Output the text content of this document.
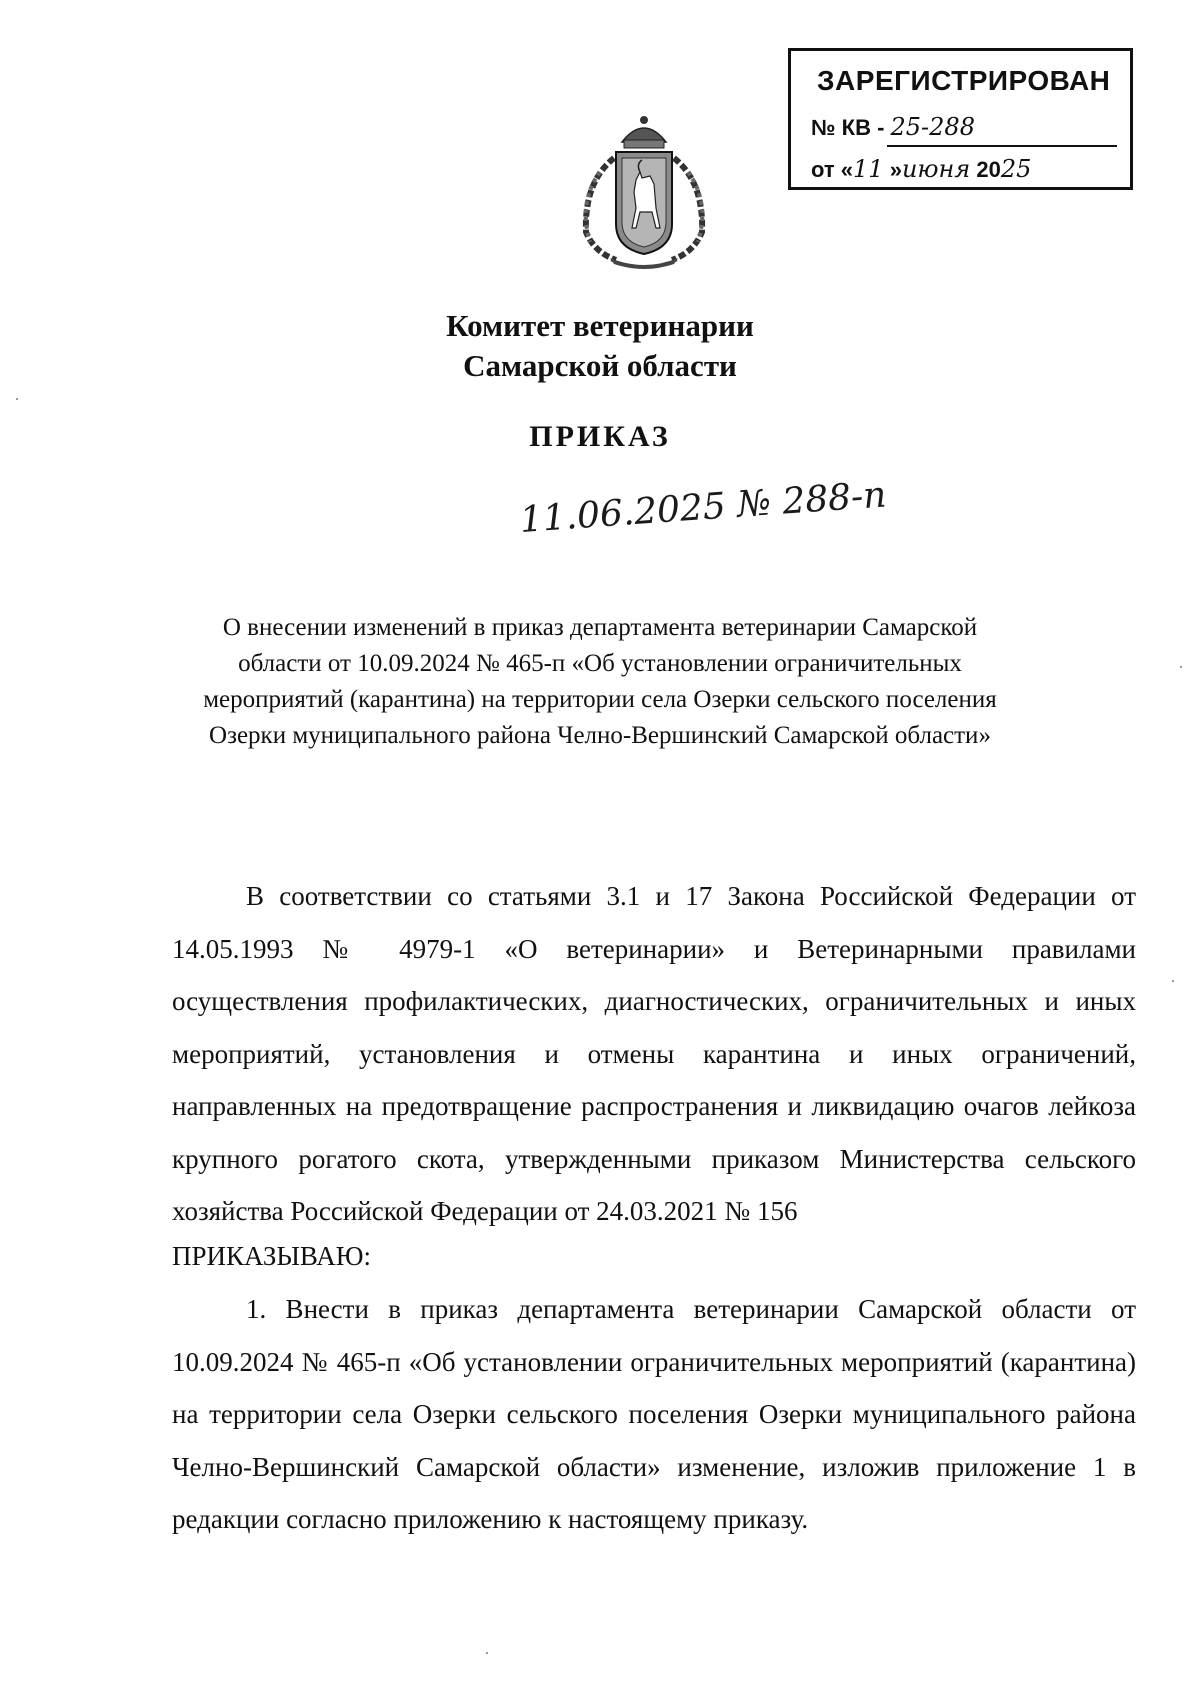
ЗАРЕГИСТРИРОВАН
№ КВ - 25-288
от «11 »июня 2025
Комитет ветеринарии
Самарской области
ПРИКАЗ
11.06.2025 № 288-п
О внесении изменений в приказ департамента ветеринарии Самарской
области от 10.09.2024 № 465-п «Об установлении ограничительных
мероприятий (карантина) на территории села Озерки сельского поселения
Озерки муниципального района Челно-Вершинский Самарской области»
В соответствии со статьями 3.1 и 17 Закона Российской Федерации от 14.05.1993 № 4979-1 «О ветеринарии» и Ветеринарными правилами осуществления профилактических, диагностических, ограничительных и иных мероприятий, установления и отмены карантина и иных ограничений, направленных на предотвращение распространения и ликвидацию очагов лейкоза крупного рогатого скота, утвержденными приказом Министерства сельского хозяйства Российской Федерации от 24.03.2021 № 156
ПРИКАЗЫВАЮ:
1. Внести в приказ департамента ветеринарии Самарской области от 10.09.2024 № 465-п «Об установлении ограничительных мероприятий (карантина) на территории села Озерки сельского поселения Озерки муниципального района Челно-Вершинский Самарской области» изменение, изложив приложение 1 в редакции согласно приложению к настоящему приказу.
